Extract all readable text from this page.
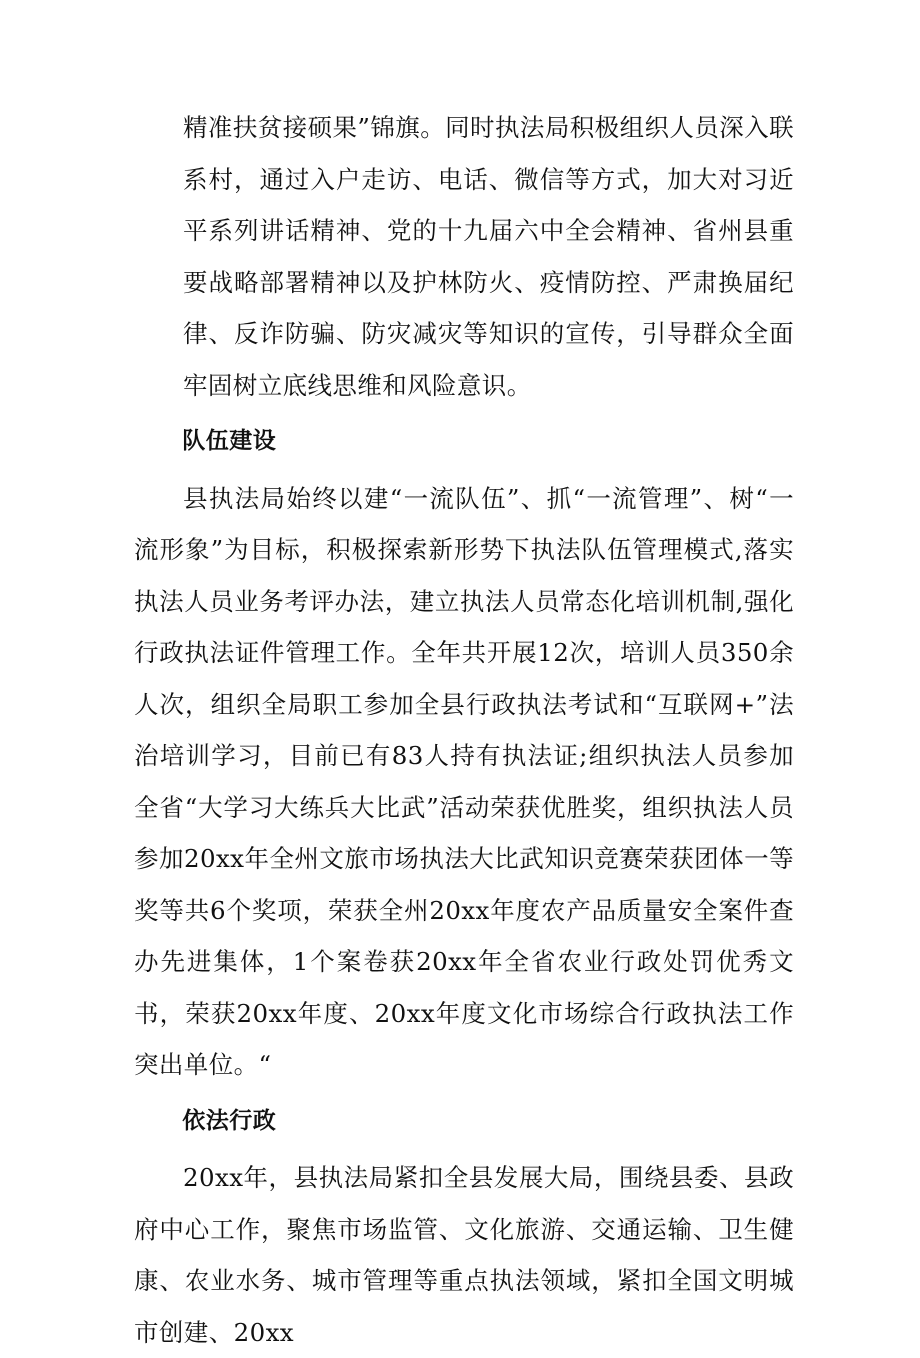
精准扶贫接硕果”锦旗。同时执法局积极组织人员深入联系村，通过入户走访、电话、微信等方式，加大对习近平系列讲话精神、党的十九届六中全会精神、省州县重要战略部署精神以及护林防火、疫情防控、严肃换届纪律、反诈防骗、防灾减灾等知识的宣传，引导群众全面牢固树立底线思维和风险意识。

队伍建设

县执法局始终以建“一流队伍”、抓“一流管理”、树“一流形象”为目标，积极探索新形势下执法队伍管理模式,落实执法人员业务考评办法，建立执法人员常态化培训机制,强化行政执法证件管理工作。全年共开展12次，培训人员350余人次，组织全局职工参加全县行政执法考试和“互联网+”法治培训学习，目前已有83人持有执法证;组织执法人员参加全省“大学习大练兵大比武”活动荣获优胜奖，组织执法人员参加20xx年全州文旅市场执法大比武知识竞赛荣获团体一等奖等共6个奖项，荣获全州20xx年度农产品质量安全案件查办先进集体，1个案卷获20xx年全省农业行政处罚优秀文书，荣获20xx年度、20xx年度文化市场综合行政执法工作突出单位。“

依法行政

20xx年，县执法局紧扣全县发展大局，围绕县委、县政府中心工作，聚焦市场监管、文化旅游、交通运输、卫生健康、农业水务、城市管理等重点执法领域，紧扣全国文明城市创建、20xx
